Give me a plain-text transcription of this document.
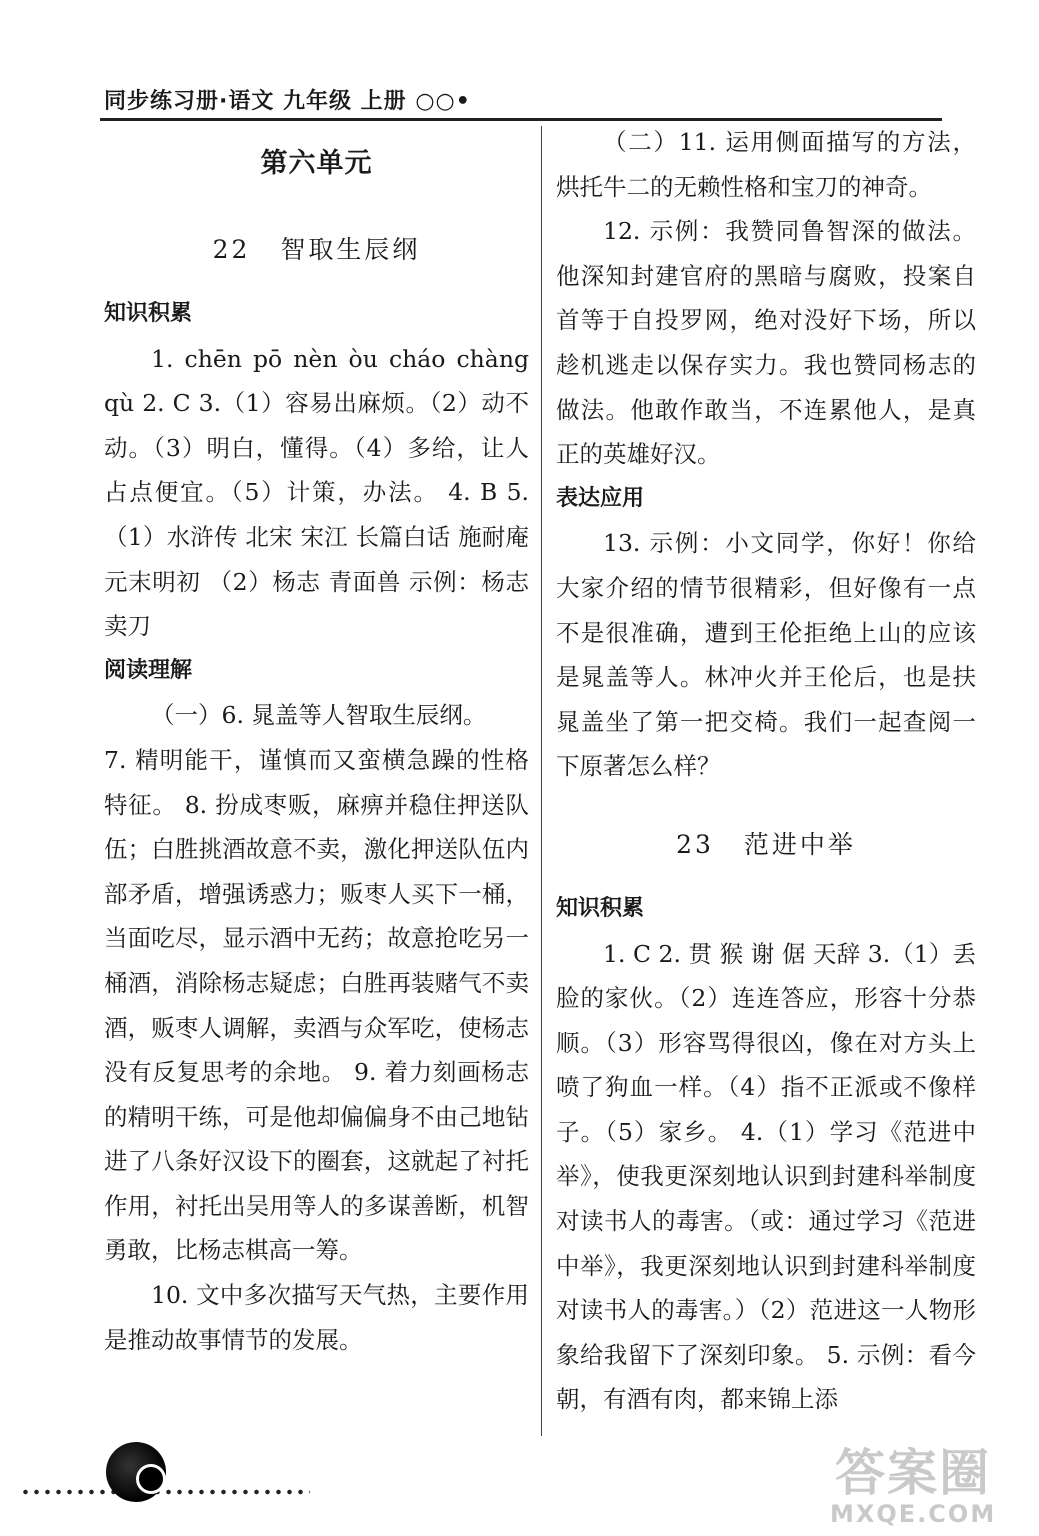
同步练习册·语文 九年级 上册 ○○•
第六单元
22 智取生辰纲

知识积累

1. chēn pō nèn òu cháo chàng qù 2. C 3.（1）容易出麻烦。（2）动不动。（3）明白，懂得。（4）多给，让人占点便宜。（5）计策，办法。 4. B 5.（1）水浒传 北宋 宋江 长篇白话 施耐庵 元末明初 （2）杨志 青面兽 示例：杨志卖刀

阅读理解

（一）6. 晁盖等人智取生辰纲。

7. 精明能干，谨慎而又蛮横急躁的性格特征。 8. 扮成枣贩，麻痹并稳住押送队伍；白胜挑酒故意不卖，激化押送队伍内部矛盾，增强诱惑力；贩枣人买下一桶，当面吃尽，显示酒中无药；故意抢吃另一桶酒，消除杨志疑虑；白胜再装赌气不卖酒，贩枣人调解，卖酒与众军吃，使杨志没有反复思考的余地。 9. 着力刻画杨志的精明干练，可是他却偏偏身不由己地钻进了八条好汉设下的圈套，这就起了衬托作用，衬托出吴用等人的多谋善断，机智勇敢，比杨志棋高一筹。

10. 文中多次描写天气热，主要作用是推动故事情节的发展。

（二）11. 运用侧面描写的方法，烘托牛二的无赖性格和宝刀的神奇。

12. 示例：我赞同鲁智深的做法。他深知封建官府的黑暗与腐败，投案自首等于自投罗网，绝对没好下场，所以趁机逃走以保存实力。我也赞同杨志的做法。他敢作敢当，不连累他人，是真正的英雄好汉。

表达应用

13. 示例：小文同学，你好！你给大家介绍的情节很精彩，但好像有一点不是很准确，遭到王伦拒绝上山的应该是晁盖等人。林冲火并王伦后，也是扶晁盖坐了第一把交椅。我们一起查阅一下原著怎么样？

23 范进中举

知识积累

1. C 2. 贯 猴 谢 倨 天辞 3.（1）丢脸的家伙。（2）连连答应，形容十分恭顺。（3）形容骂得很凶，像在对方头上喷了狗血一样。（4）指不正派或不像样子。（5）家乡。 4.（1）学习《范进中举》，使我更深刻地认识到封建科举制度对读书人的毒害。（或：通过学习《范进中举》，我更深刻地认识到封建科举制度对读书人的毒害。）（2）范进这一人物形象给我留下了深刻印象。 5. 示例：看今朝，有酒有肉，都来锦上添

答案圈
MXQE.COM
